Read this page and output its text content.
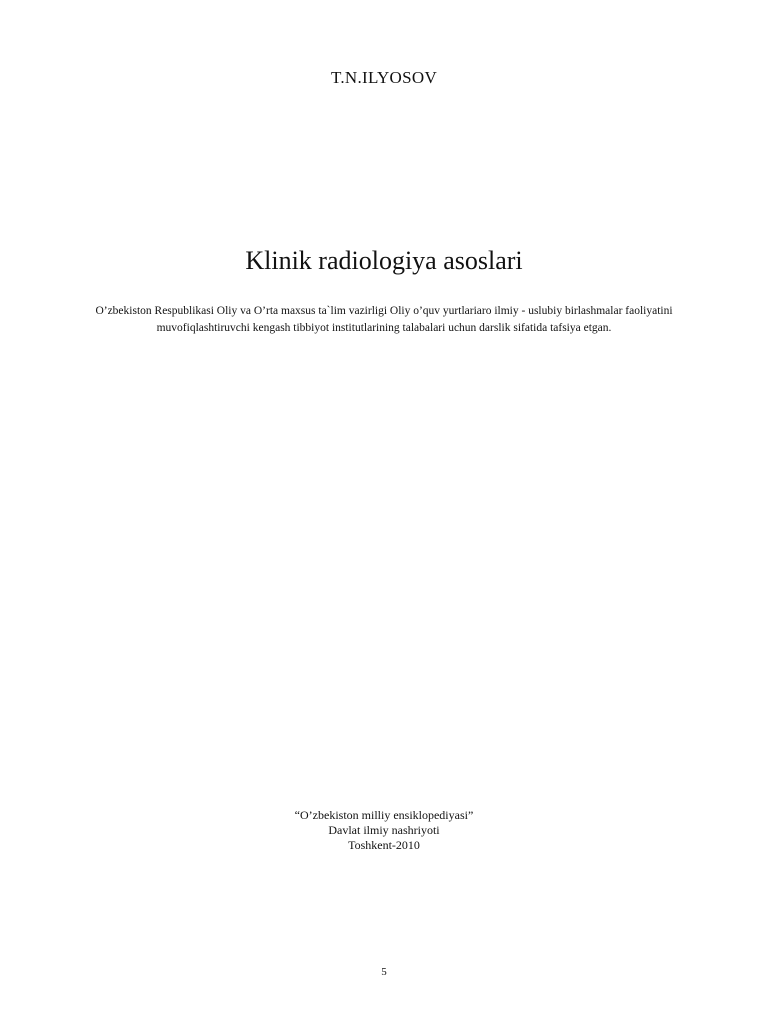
T.N.ILYOSOV
Klinik radiologiya asoslari
O’zbekiston Respublikasi Oliy va O’rta maxsus ta`lim vazirligi Oliy o’quv yurtlariaro ilmiy - uslubiy birlashmalar faoliyatini
muvofiqlashtiruvchi kengash tibbiyot institutlarining talabalari uchun darslik sifatida tafsiya etgan.
“O’zbekiston milliy ensiklopediyasi”
Davlat ilmiy nashriyoti
Toshkent-2010
5
